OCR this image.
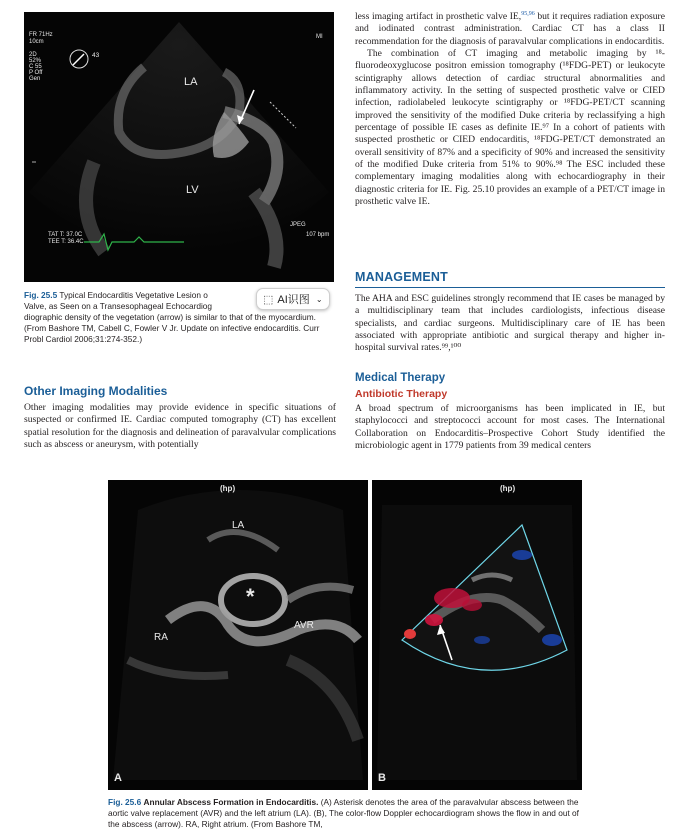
FR 71Hz
10cm
2D
52%
C 55
P Off
Gen
43
MI
LA
LV
TAT T: 37.0C
TEE T: 36.4C
JPEG
107 bpm
Fig. 25.5 Typical Endocarditis Vegetative Lesion o
Valve, as Seen on a Transesophageal Echocardiog
diographic density of the vegetation (arrow) is similar to that of the myocardium. (From Bashore TM, Cabell C, Fowler V Jr. Update on infective endocarditis. Curr Probl Cardiol 2006;31:274-352.)
⬚ AI识图 ⌄
Other Imaging Modalities

Other imaging modalities may provide evidence in specific situations of suspected or confirmed IE. Cardiac computed tomography (CT) has excellent spatial resolution for the diagnosis and delineation of paravalvular complications such as abscess or aneurysm, with potentially

less imaging artifact in prosthetic valve IE,$^{95,96}$ but it requires radiation exposure and iodinated contrast administration. Cardiac CT has a class II recommendation for the diagnosis of paravalvular complications in endocarditis.

The combination of CT imaging and metabolic imaging by ¹⁸-fluorodeoxyglucose positron emission tomography (¹⁸FDG-PET) or leukocyte scintigraphy allows detection of cardiac structural abnormalities and inflammatory activity. In the setting of suspected prosthetic valve or CIED infection, radiolabeled leukocyte scintigraphy or ¹⁸FDG-PET/CT scanning improved the sensitivity of the modified Duke criteria by reclassifying a high percentage of possible IE cases as definite IE.⁹⁷ In a cohort of patients with suspected prosthetic or CIED endocarditis, ¹⁸FDG-PET/CT demonstrated an overall sensitivity of 87% and a specificity of 90% and increased the sensitivity of the modified Duke criteria from 51% to 90%.⁹⁸ The ESC included these complementary imaging modalities along with echocardiography in their diagnostic criteria for IE. Fig. 25.10 provides an example of a PET/CT image in prosthetic valve IE.

MANAGEMENT

The AHA and ESC guidelines strongly recommend that IE cases be managed by a multidisciplinary team that includes cardiologists, infectious disease specialists, and cardiac surgeons. Multidisciplinary care of IE has been associated with appropriate antibiotic and surgical therapy and higher in-hospital survival rates.⁹⁹,¹⁰⁰

Medical Therapy
Antibiotic Therapy

A broad spectrum of microorganisms has been implicated in IE, but staphylococci and streptococci account for most cases. The International Collaboration on Endocarditis–Prospective Cohort Study identified the microbiologic agent in 1779 patients from 39 medical centers

(hp)
LA
*
RA
AVR
A
(hp)
B
Fig. 25.6 Annular Abscess Formation in Endocarditis. (A) Asterisk denotes the area of the paravalvular abscess between the aortic valve replacement (AVR) and the left atrium (LA). (B), The color-flow Doppler echocardiogram shows the flow in and out of the abscess (arrow). RA, Right atrium. (From Bashore TM,
